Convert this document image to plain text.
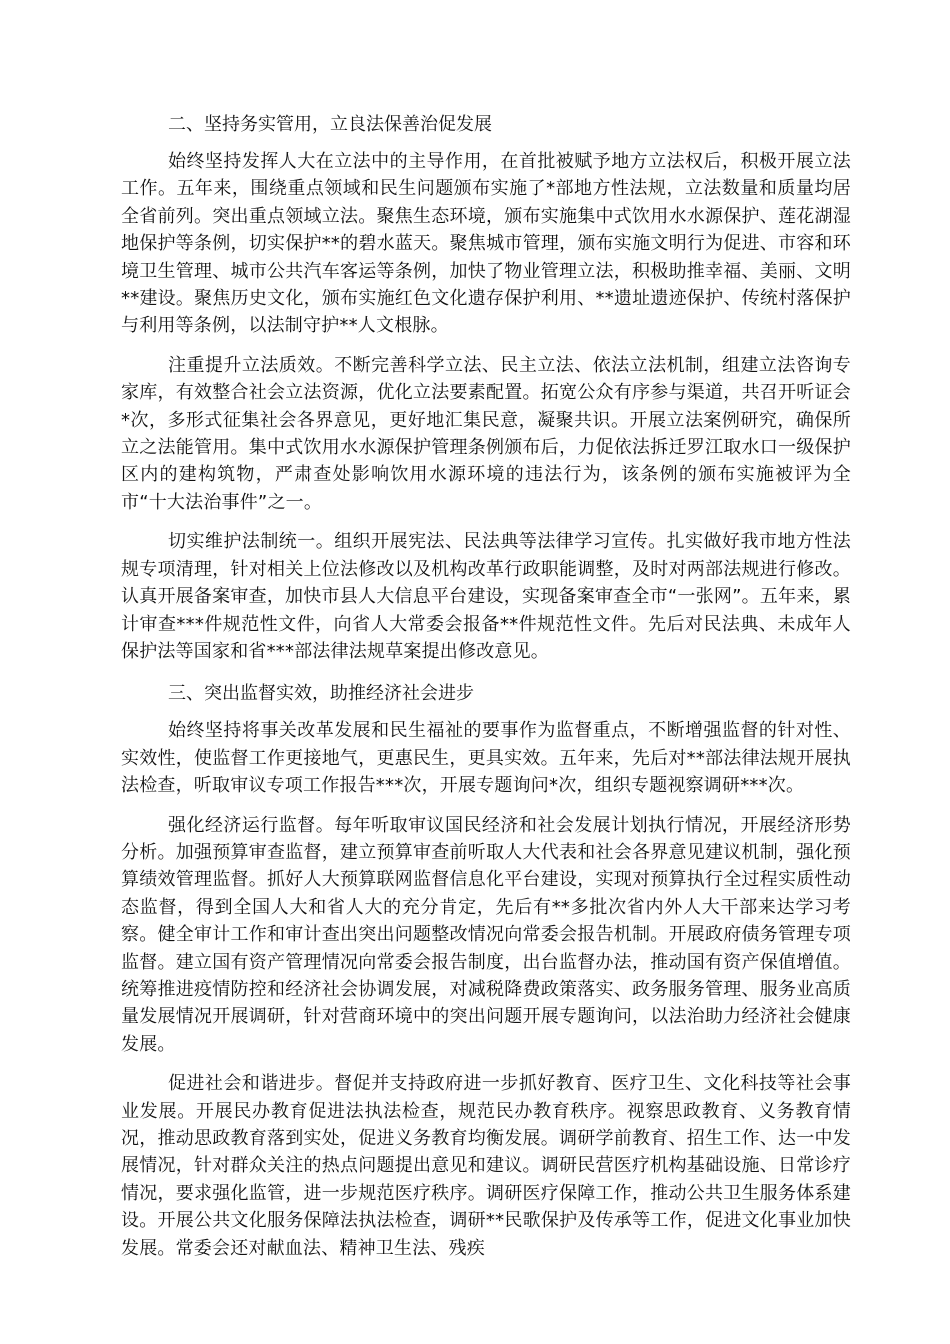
二、坚持务实管用，立良法保善治促发展

始终坚持发挥人大在立法中的主导作用，在首批被赋予地方立法权后，积极开展立法工作。五年来，围绕重点领域和民生问题颁布实施了*部地方性法规，立法数量和质量均居全省前列。突出重点领域立法。聚焦生态环境，颁布实施集中式饮用水水源保护、莲花湖湿地保护等条例，切实保护**的碧水蓝天。聚焦城市管理，颁布实施文明行为促进、市容和环境卫生管理、城市公共汽车客运等条例，加快了物业管理立法，积极助推幸福、美丽、文明**建设。聚焦历史文化，颁布实施红色文化遗存保护利用、**遗址遗迹保护、传统村落保护与利用等条例，以法制守护**人文根脉。

注重提升立法质效。不断完善科学立法、民主立法、依法立法机制，组建立法咨询专家库，有效整合社会立法资源，优化立法要素配置。拓宽公众有序参与渠道，共召开听证会*次，多形式征集社会各界意见，更好地汇集民意，凝聚共识。开展立法案例研究，确保所立之法能管用。集中式饮用水水源保护管理条例颁布后，力促依法拆迁罗江取水口一级保护区内的建构筑物，严肃查处影响饮用水源环境的违法行为，该条例的颁布实施被评为全市“十大法治事件”之一。

切实维护法制统一。组织开展宪法、民法典等法律学习宣传。扎实做好我市地方性法规专项清理，针对相关上位法修改以及机构改革行政职能调整，及时对两部法规进行修改。认真开展备案审查，加快市县人大信息平台建设，实现备案审查全市“一张网”。五年来，累计审查***件规范性文件，向省人大常委会报备**件规范性文件。先后对民法典、未成年人保护法等国家和省***部法律法规草案提出修改意见。

三、突出监督实效，助推经济社会进步

始终坚持将事关改革发展和民生福祉的要事作为监督重点，不断增强监督的针对性、实效性，使监督工作更接地气，更惠民生，更具实效。五年来，先后对**部法律法规开展执法检查，听取审议专项工作报告***次，开展专题询问*次，组织专题视察调研***次。

强化经济运行监督。每年听取审议国民经济和社会发展计划执行情况，开展经济形势分析。加强预算审查监督，建立预算审查前听取人大代表和社会各界意见建议机制，强化预算绩效管理监督。抓好人大预算联网监督信息化平台建设，实现对预算执行全过程实质性动态监督，得到全国人大和省人大的充分肯定，先后有**多批次省内外人大干部来达学习考察。健全审计工作和审计查出突出问题整改情况向常委会报告机制。开展政府债务管理专项监督。建立国有资产管理情况向常委会报告制度，出台监督办法，推动国有资产保值增值。统筹推进疫情防控和经济社会协调发展，对减税降费政策落实、政务服务管理、服务业高质量发展情况开展调研，针对营商环境中的突出问题开展专题询问，以法治助力经济社会健康发展。

促进社会和谐进步。督促并支持政府进一步抓好教育、医疗卫生、文化科技等社会事业发展。开展民办教育促进法执法检查，规范民办教育秩序。视察思政教育、义务教育情况，推动思政教育落到实处，促进义务教育均衡发展。调研学前教育、招生工作、达一中发展情况，针对群众关注的热点问题提出意见和建议。调研民营医疗机构基础设施、日常诊疗情况，要求强化监管，进一步规范医疗秩序。调研医疗保障工作，推动公共卫生服务体系建设。开展公共文化服务保障法执法检查，调研**民歌保护及传承等工作，促进文化事业加快发展。常委会还对献血法、精神卫生法、残疾
